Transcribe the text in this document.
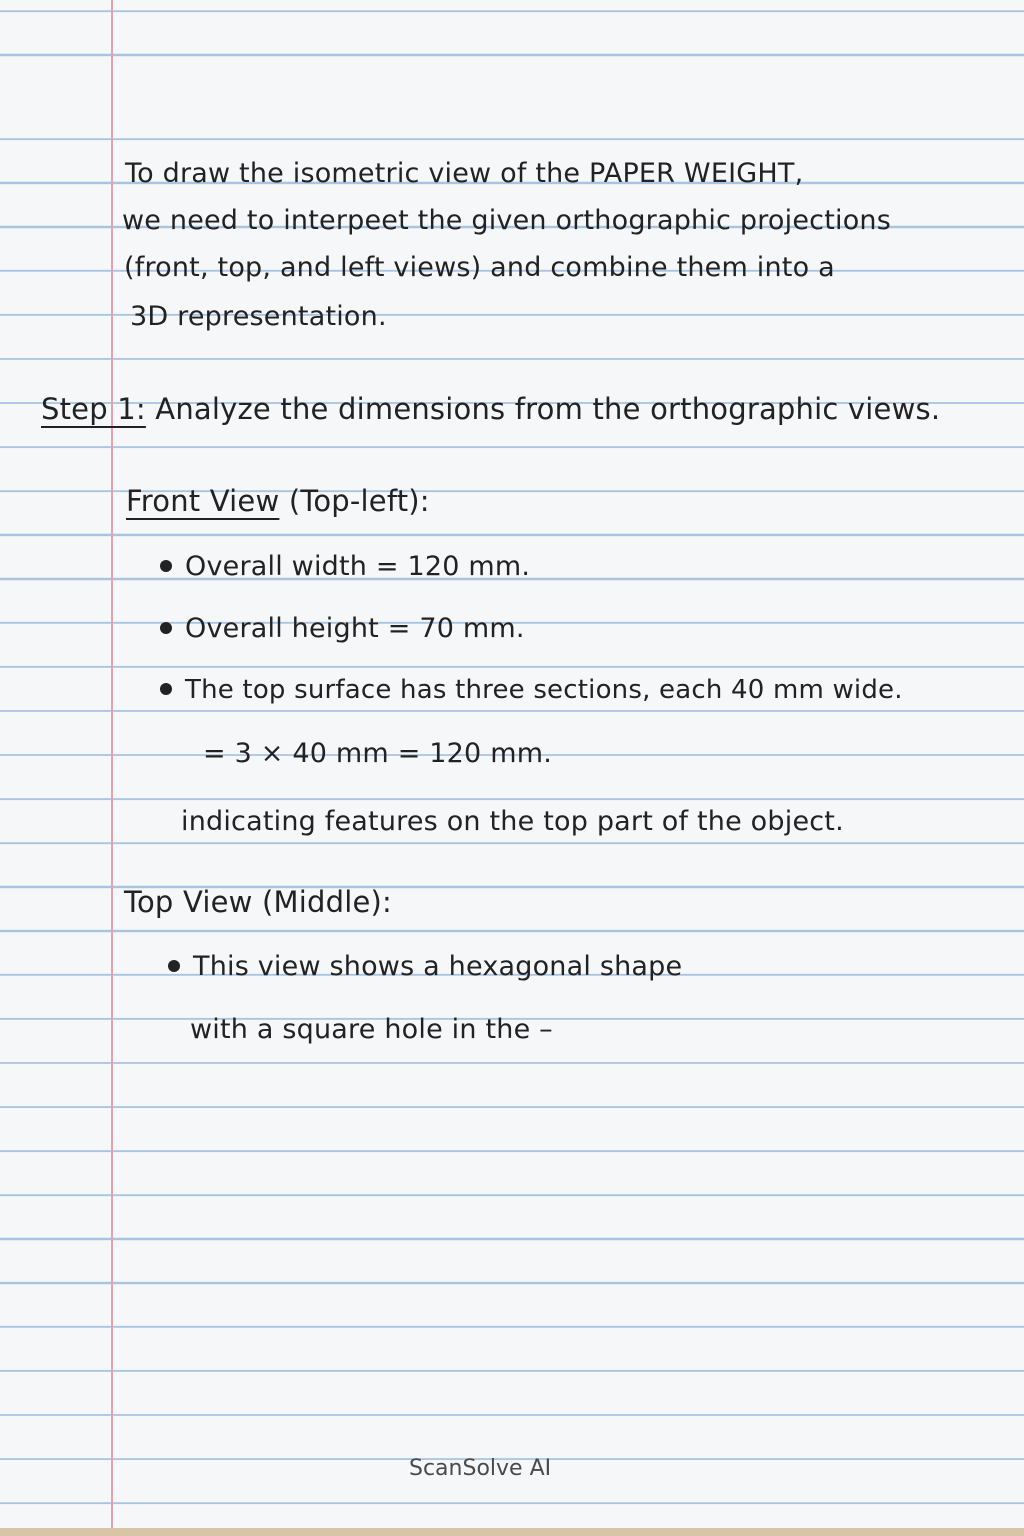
To draw the isometric view of the PAPER WEIGHT,

we need to interpeet the given orthographic projections

(front, top, and left views) and combine them into a

3D representation.

Step 1: Analyze the dimensions from the orthographic views.
Front View (Top-left):
Overall width = 120 mm.
Overall height = 70 mm.
The top surface has three sections, each 40 mm wide.

= 3 × 40 mm = 120 mm.

indicating features on the top part of the object.

Top View (Middle):

This view shows a hexagonal shape

with a square hole in the –

ScanSolve AI
